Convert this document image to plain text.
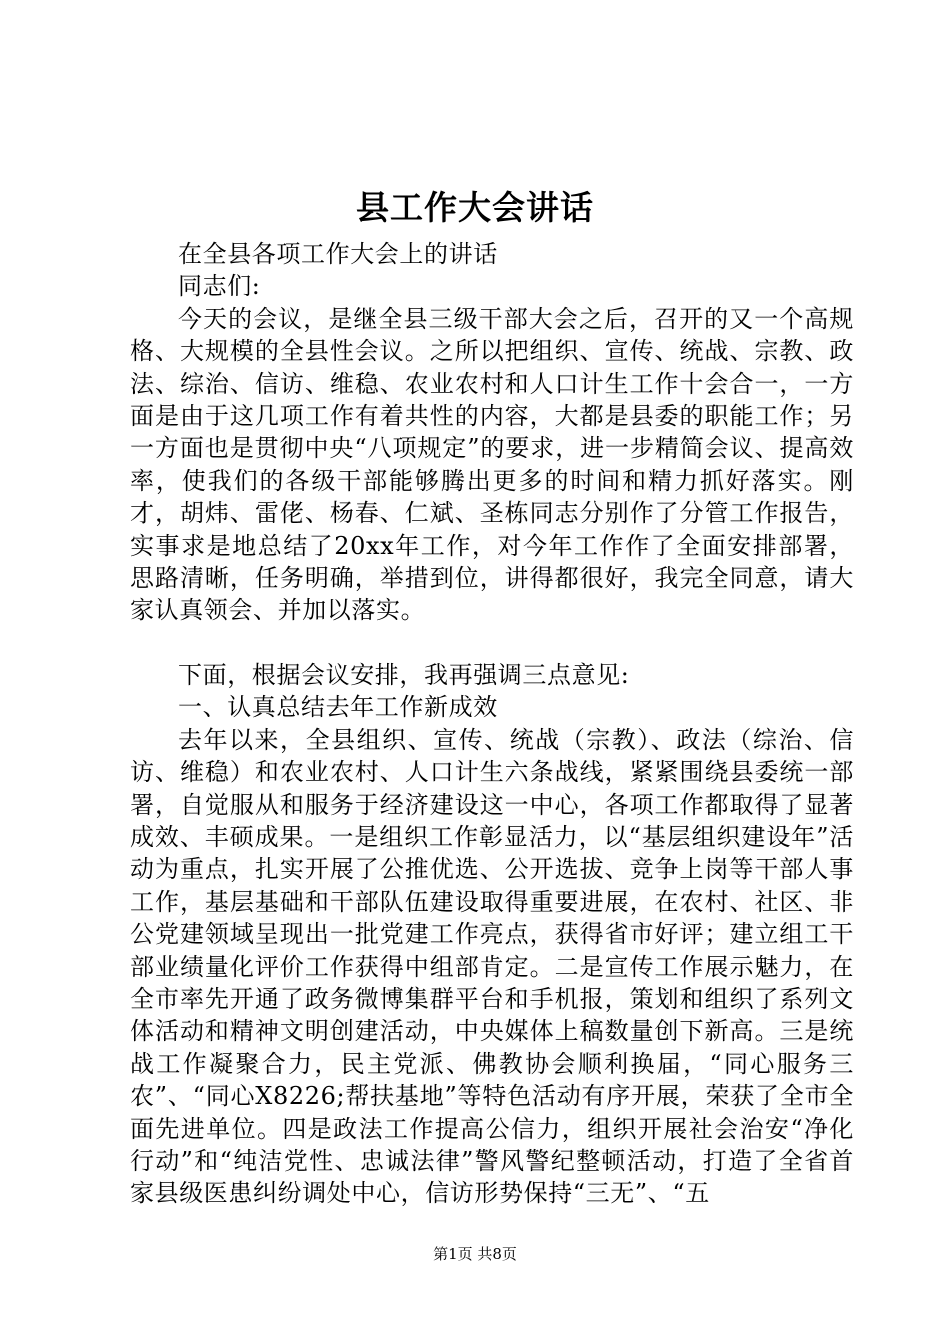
县工作大会讲话

在全县各项工作大会上的讲话

同志们:

今天的会议，是继全县三级干部大会之后，召开的又一个高规格、大规模的全县性会议。之所以把组织、宣传、统战、宗教、政法、综治、信访、维稳、农业农村和人口计生工作十会合一，一方面是由于这几项工作有着共性的内容，大都是县委的职能工作；另一方面也是贯彻中央“八项规定”的要求，进一步精简会议、提高效率，使我们的各级干部能够腾出更多的时间和精力抓好落实。刚才，胡炜、雷佬、杨春、仁斌、圣栋同志分别作了分管工作报告，实事求是地总结了20xx年工作，对今年工作作了全面安排部署，思路清晰，任务明确，举措到位，讲得都很好，我完全同意，请大家认真领会、并加以落实。

下面，根据会议安排，我再强调三点意见:

一、认真总结去年工作新成效

去年以来，全县组织、宣传、统战（宗教）、政法（综治、信访、维稳）和农业农村、人口计生六条战线，紧紧围绕县委统一部署，自觉服从和服务于经济建设这一中心，各项工作都取得了显著成效、丰硕成果。一是组织工作彰显活力，以“基层组织建设年”活动为重点，扎实开展了公推优选、公开选拔、竞争上岗等干部人事工作，基层基础和干部队伍建设取得重要进展，在农村、社区、非公党建领域呈现出一批党建工作亮点，获得省市好评；建立组工干部业绩量化评价工作获得中组部肯定。二是宣传工作展示魅力，在全市率先开通了政务微博集群平台和手机报，策划和组织了系列文体活动和精神文明创建活动，中央媒体上稿数量创下新高。三是统战工作凝聚合力，民主党派、佛教协会顺利换届，“同心服务三农”、“同心X8226;帮扶基地”等特色活动有序开展，荣获了全市全面先进单位。四是政法工作提高公信力，组织开展社会治安“净化行动”和“纯洁党性、忠诚法律”警风警纪整顿活动，打造了全省首家县级医患纠纷调处中心，信访形势保持“三无”、“五

第1页 共8页
